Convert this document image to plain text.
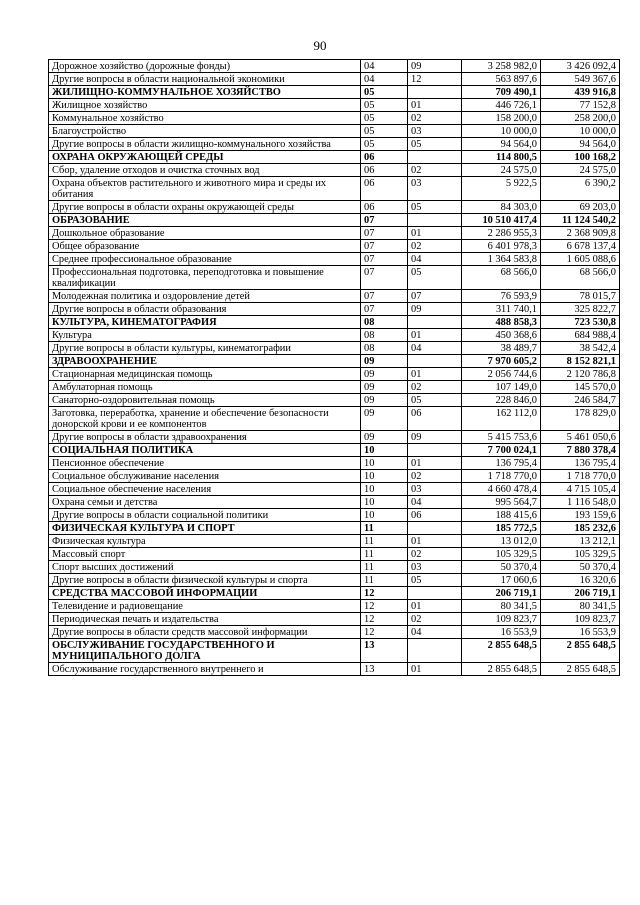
90
Дорожное хозяйство (дорожные фонды)	04	09	3 258 982,0	3 426 092,4
Другие вопросы в области национальной экономики	04	12	563 897,6	549 367,6
ЖИЛИЩНО-КОММУНАЛЬНОЕ ХОЗЯЙСТВО	05		709 490,1	439 916,8
Жилищное хозяйство	05	01	446 726,1	77 152,8
Коммунальное хозяйство	05	02	158 200,0	258 200,0
Благоустройство	05	03	10 000,0	10 000,0
Другие вопросы в области жилищно-коммунального хозяйства	05	05	94 564,0	94 564,0
ОХРАНА ОКРУЖАЮЩЕЙ СРЕДЫ	06		114 800,5	100 168,2
Сбор, удаление отходов и очистка сточных вод	06	02	24 575,0	24 575,0
Охрана объектов растительного и животного мира и среды их обитания	06	03	5 922,5	6 390,2
Другие вопросы в области охраны окружающей среды	06	05	84 303,0	69 203,0
ОБРАЗОВАНИЕ	07		10 510 417,4	11 124 540,2
Дошкольное образование	07	01	2 286 955,3	2 368 909,8
Общее образование	07	02	6 401 978,3	6 678 137,4
Среднее профессиональное образование	07	04	1 364 583,8	1 605 088,6
Профессиональная подготовка, переподготовка и повышение квалификации	07	05	68 566,0	68 566,0
Молодежная политика и оздоровление детей	07	07	76 593,9	78 015,7
Другие вопросы в области образования	07	09	311 740,1	325 822,7
КУЛЬТУРА, КИНЕМАТОГРАФИЯ	08		488 858,3	723 530,8
Культура	08	01	450 368,6	684 988,4
Другие вопросы в области культуры, кинематографии	08	04	38 489,7	38 542,4
ЗДРАВООХРАНЕНИЕ	09		7 970 605,2	8 152 821,1
Стационарная медицинская помощь	09	01	2 056 744,6	2 120 786,8
Амбулаторная помощь	09	02	107 149,0	145 570,0
Санаторно-оздоровительная помощь	09	05	228 846,0	246 584,7
Заготовка, переработка, хранение и обеспечение безопасности донорской крови и ее компонентов	09	06	162 112,0	178 829,0
Другие вопросы в области здравоохранения	09	09	5 415 753,6	5 461 050,6
СОЦИАЛЬНАЯ ПОЛИТИКА	10		7 700 024,1	7 880 378,4
Пенсионное обеспечение	10	01	136 795,4	136 795,4
Социальное обслуживание населения	10	02	1 718 770,0	1 718 770,0
Социальное обеспечение населения	10	03	4 660 478,4	4 715 105,4
Охрана семьи и детства	10	04	995 564,7	1 116 548,0
Другие вопросы в области социальной политики	10	06	188 415,6	193 159,6
ФИЗИЧЕСКАЯ КУЛЬТУРА И СПОРТ	11		185 772,5	185 232,6
Физическая культура	11	01	13 012,0	13 212,1
Массовый спорт	11	02	105 329,5	105 329,5
Спорт высших достижений	11	03	50 370,4	50 370,4
Другие вопросы в области физической культуры и спорта	11	05	17 060,6	16 320,6
СРЕДСТВА МАССОВОЙ ИНФОРМАЦИИ	12		206 719,1	206 719,1
Телевидение и радиовещание	12	01	80 341,5	80 341,5
Периодическая печать и издательства	12	02	109 823,7	109 823,7
Другие вопросы в области средств массовой информации	12	04	16 553,9	16 553,9
ОБСЛУЖИВАНИЕ ГОСУДАРСТВЕННОГО И МУНИЦИПАЛЬНОГО ДОЛГА	13		2 855 648,5	2 855 648,5
Обслуживание государственного внутреннего и	13	01	2 855 648,5	2 855 648,5
